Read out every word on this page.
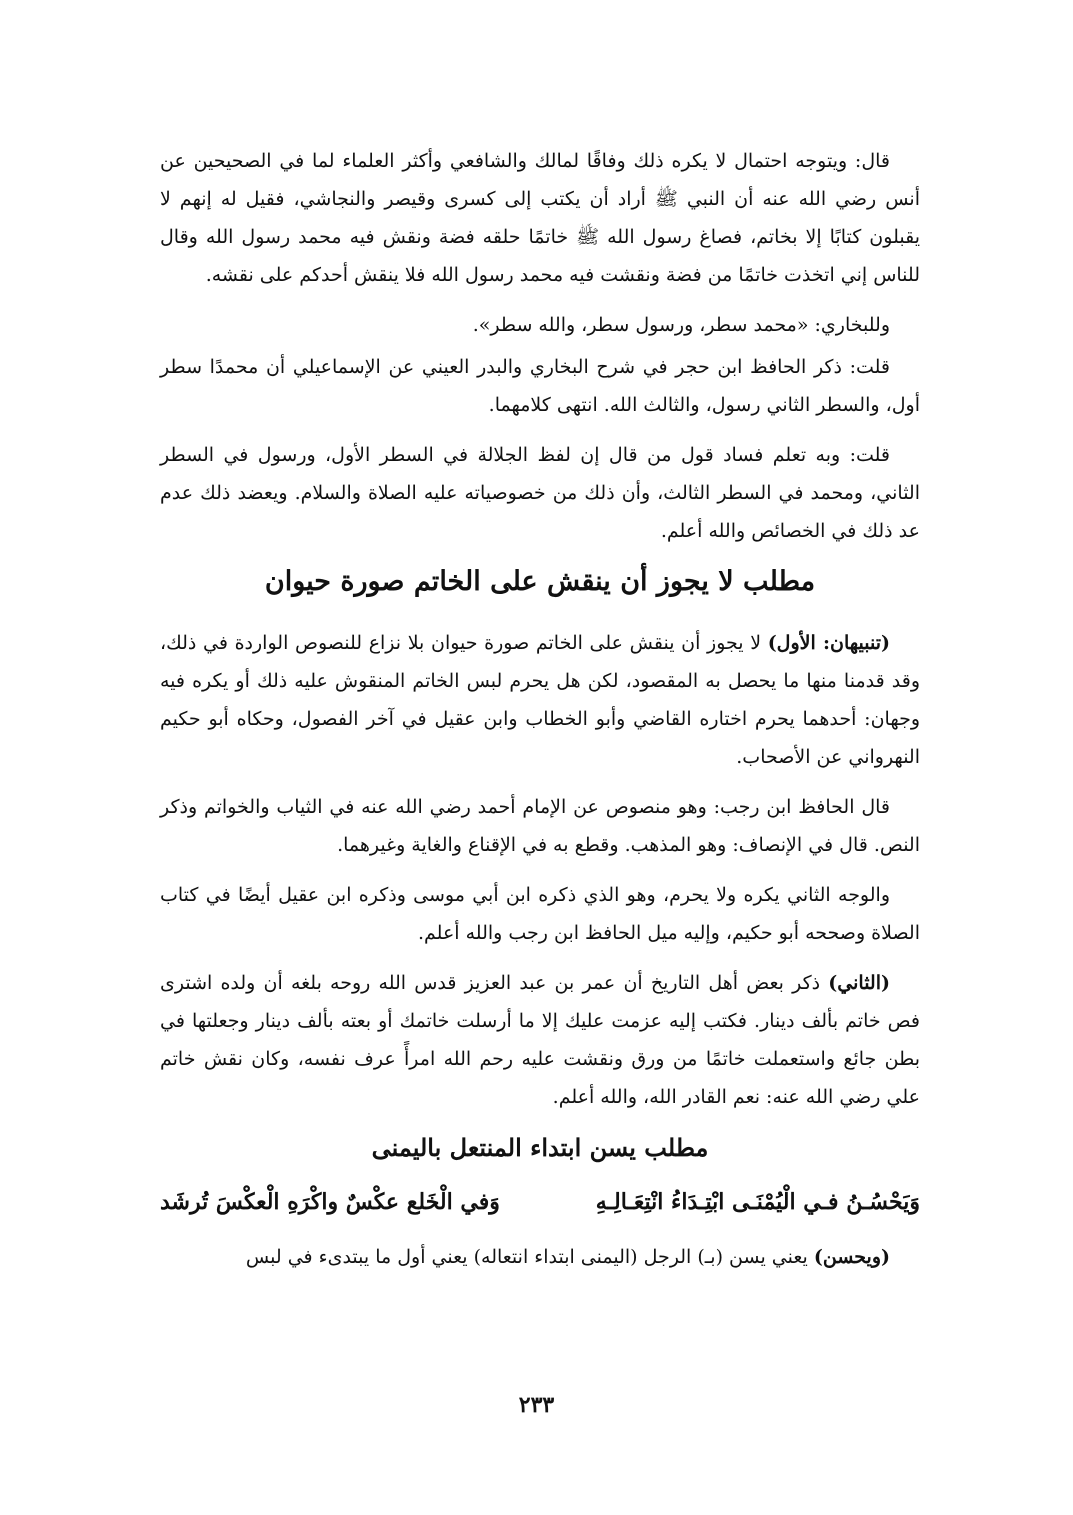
قال: ويتوجه احتمال لا يكره ذلك وفاقًا لمالك والشافعي وأكثر العلماء لما في الصحيحين عن أنس رضي الله عنه أن النبي ﷺ أراد أن يكتب إلى كسرى وقيصر والنجاشي، فقيل له إنهم لا يقبلون كتابًا إلا بخاتم، فصاغ رسول الله ﷺ خاتمًا حلقه فضة ونقش فيه محمد رسول الله وقال للناس إني اتخذت خاتمًا من فضة ونقشت فيه محمد رسول الله فلا ينقش أحدكم على نقشه.

وللبخاري: «محمد سطر، ورسول سطر، والله سطر».

قلت: ذكر الحافظ ابن حجر في شرح البخاري والبدر العيني عن الإسماعيلي أن محمدًا سطر أول، والسطر الثاني رسول، والثالث الله. انتهى كلامهما.

قلت: وبه تعلم فساد قول من قال إن لفظ الجلالة في السطر الأول، ورسول في السطر الثاني، ومحمد في السطر الثالث، وأن ذلك من خصوصياته عليه الصلاة والسلام. ويعضد ذلك عدم عد ذلك في الخصائص والله أعلم.

مطلب لا يجوز أن ينقش على الخاتم صورة حيوان

(تنبيهان: الأول) لا يجوز أن ينقش على الخاتم صورة حيوان بلا نزاع للنصوص الواردة في ذلك، وقد قدمنا منها ما يحصل به المقصود، لكن هل يحرم لبس الخاتم المنقوش عليه ذلك أو يكره فيه وجهان: أحدهما يحرم اختاره القاضي وأبو الخطاب وابن عقيل في آخر الفصول، وحكاه أبو حكيم النهرواني عن الأصحاب.

قال الحافظ ابن رجب: وهو منصوص عن الإمام أحمد رضي الله عنه في الثياب والخواتم وذكر النص. قال في الإنصاف: وهو المذهب. وقطع به في الإقناع والغاية وغيرهما.

والوجه الثاني يكره ولا يحرم، وهو الذي ذكره ابن أبي موسى وذكره ابن عقيل أيضًا في كتاب الصلاة وصححه أبو حكيم، وإليه ميل الحافظ ابن رجب والله أعلم.

(الثاني) ذكر بعض أهل التاريخ أن عمر بن عبد العزيز قدس الله روحه بلغه أن ولده اشترى فص خاتم بألف دينار. فكتب إليه عزمت عليك إلا ما أرسلت خاتمك أو بعته بألف دينار وجعلتها في بطن جائع واستعملت خاتمًا من ورق ونقشت عليه رحم الله امرأً عرف نفسه، وكان نقش خاتم علي رضي الله عنه: نعم القادر الله، والله أعلم.

مطلب يسن ابتداء المنتعل باليمنى
وَيَحْسُـنُ فـي الْيُمْنَـى ابْتِـدَاءُ انْتِعَـالِـهِ
وَفي الْخَلع عكْسٌ واكْرَهِ الْعكْسَ تُرشَد

(ويحسن) يعني يسن (بـ) الرجل (اليمنى ابتداء انتعاله) يعني أول ما يبتدىء في لبس

٢٣٣
